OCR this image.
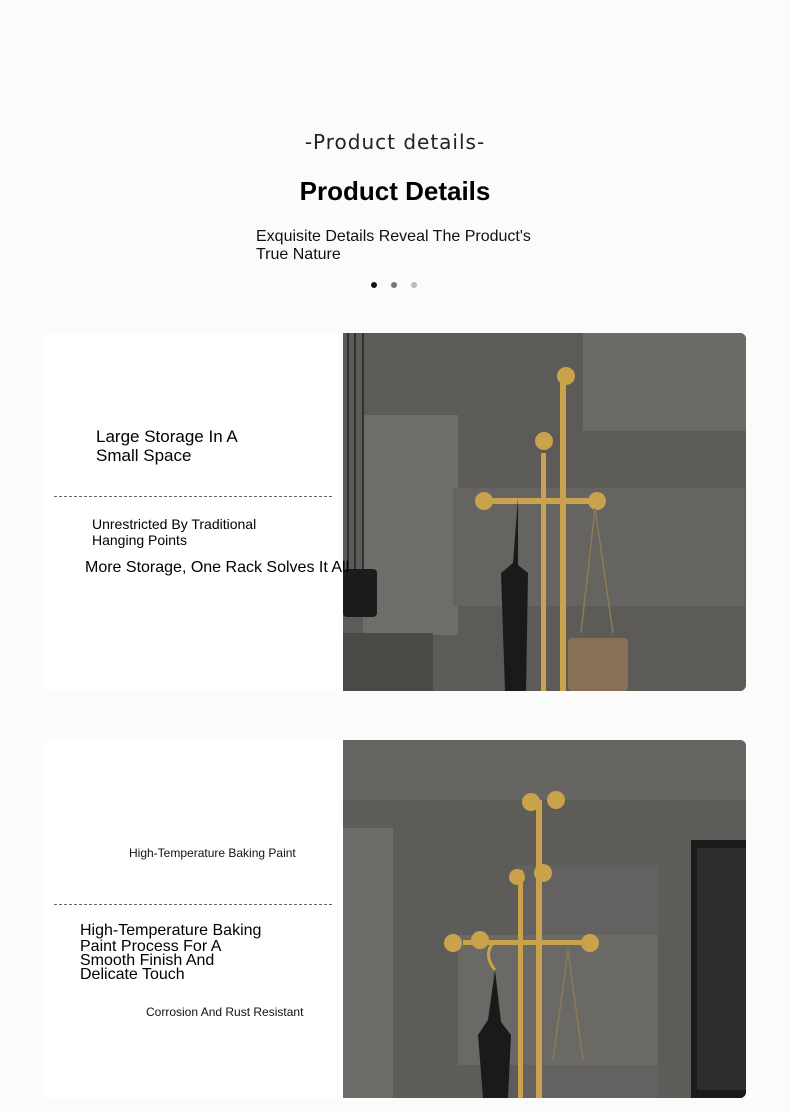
-Product details-
Product Details
Exquisite Details Reveal The Product's
True Nature
Large Storage In A
Small Space
Unrestricted By Traditional
Hanging Points
More Storage, One Rack Solves It All
High-Temperature Baking Paint
High-Temperature Baking
Paint Process For A
Smooth Finish And
Delicate Touch
Corrosion And Rust Resistant
